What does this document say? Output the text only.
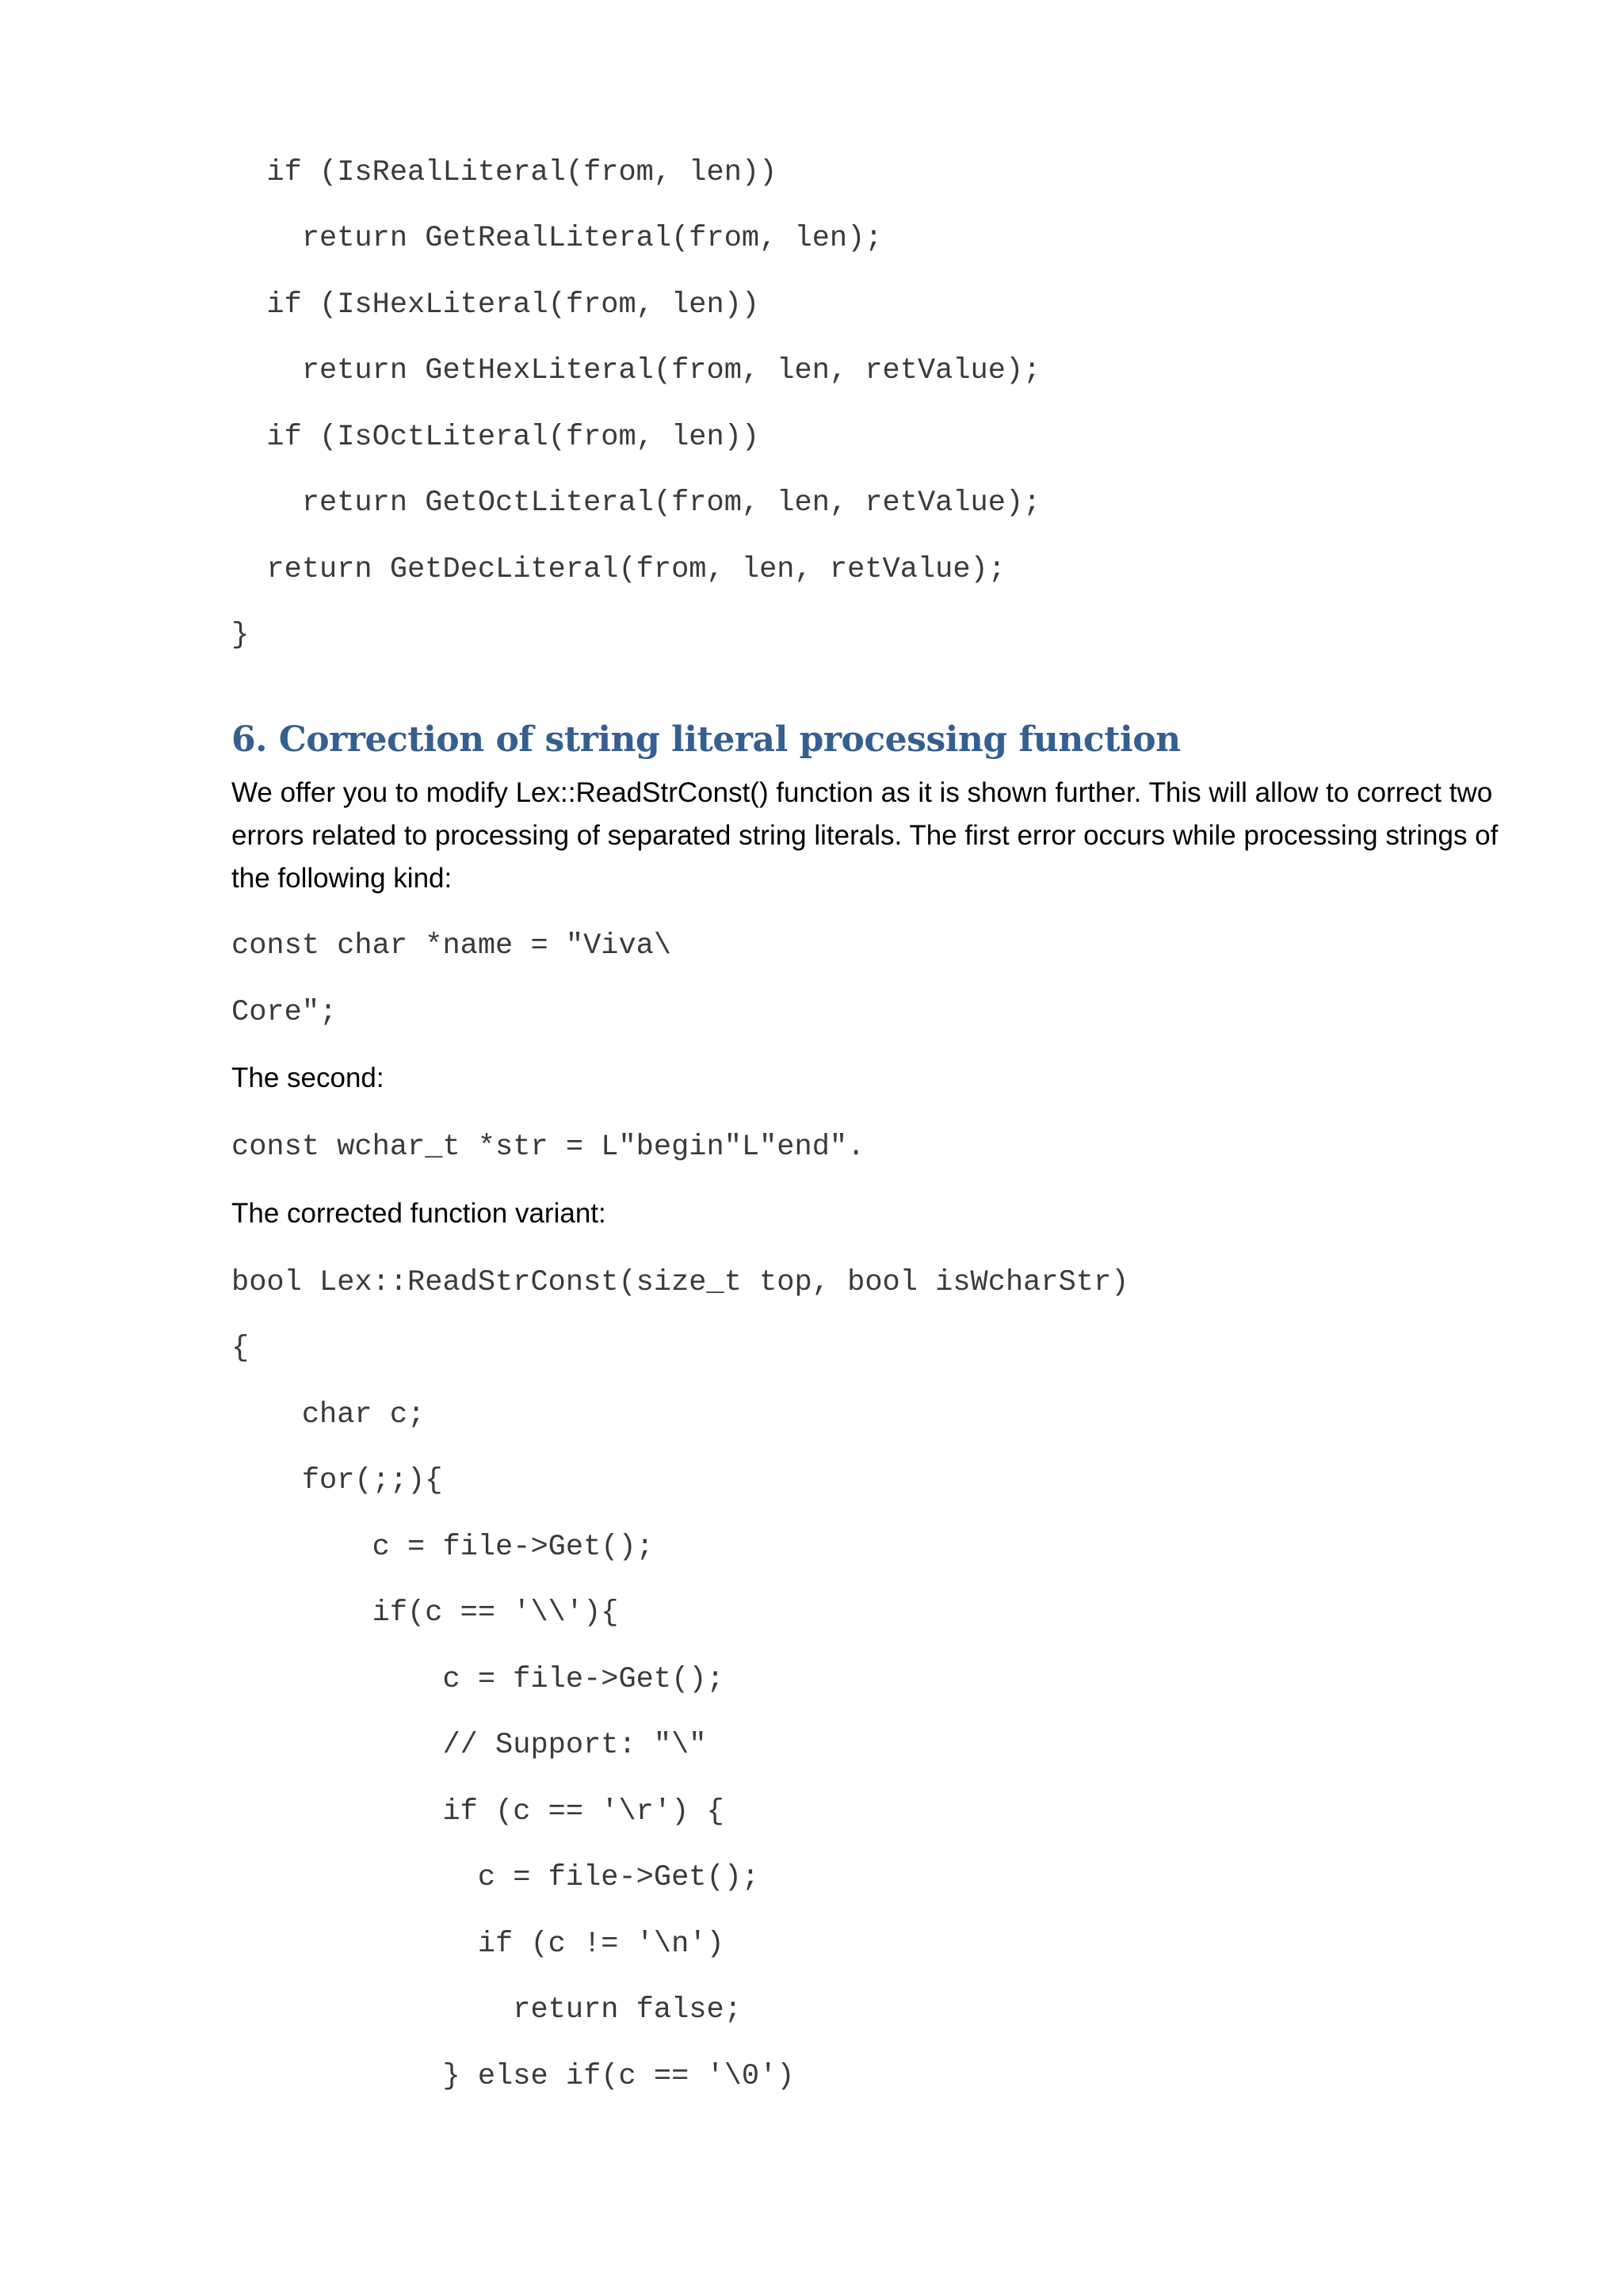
if (IsRealLiteral(from, len))
return GetRealLiteral(from, len);
if (IsHexLiteral(from, len))
return GetHexLiteral(from, len, retValue);
if (IsOctLiteral(from, len))
return GetOctLiteral(from, len, retValue);
return GetDecLiteral(from, len, retValue);
}
6. Correction of string literal processing function
We offer you to modify Lex::ReadStrConst() function as it is shown further. This will allow to correct two errors related to processing of separated string literals. The first error occurs while processing strings of the following kind:
const char *name = "Viva\
Core";
The second:
const wchar_t *str = L"begin"L"end".
The corrected function variant:
bool Lex::ReadStrConst(size_t top, bool isWcharStr)
{
char c;
for(;;){
c = file->Get();
if(c == '\\'){
c = file->Get();
// Support: "\"
if (c == '\r') {
c = file->Get();
if (c != '\n')
return false;
} else if(c == '\0')
